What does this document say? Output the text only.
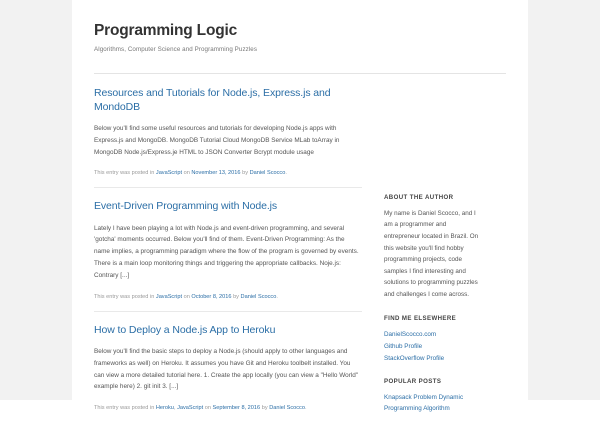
Programming Logic

Algorithms, Computer Science and Programming Puzzles

Resources and Tutorials for Node.js, Express.js and MondoDB

Below you'll find some useful resources and tutorials for developing Node.js apps with Express.js and MongoDB. MongoDB Tutorial Cloud MongoDB Service MLab toArray in MongoDB Node.js/Express.je HTML to JSON Converter Bcrypt module usage

This entry was posted in JavaScript on November 13, 2016 by Daniel Scocco.

Event-Driven Programming with Node.js

Lately I have been playing a lot with Node.js and event-driven programming, and several 'gotcha' moments occurred. Below you'll find of them. Event-Driven Programming: As the name implies, a programming paradigm where the flow of the program is governed by events. There is a main loop monitoring things and triggering the appropriate callbacks. Noje.js: Contrary [...]

This entry was posted in JavaScript on October 8, 2016 by Daniel Scocco.

How to Deploy a Node.js App to Heroku

Below you'll find the basic steps to deploy a Node.js (should apply to other languages and frameworks as well) on Heroku. It assumes you have Git and Heroku toolbelt installed. You can view a more detailed tutorial here. 1. Create the app locally (you can view a "Hello World" example here) 2. git init 3. [...]

This entry was posted in Heroku, JavaScript on September 8, 2016 by Daniel Scocco.

ABOUT THE AUTHOR

My name is Daniel Scocco, and I am a programmer and entrepreneur located in Brazil. On this website you'll find hobby programming projects, code samples I find interesting and solutions to programming puzzles and challenges I come across.

FIND ME ELSEWHERE
DanielScocco.com
Github Profile
StackOverflow Profile
POPULAR POSTS
Knapsack Problem Dynamic Programming Algorithm
